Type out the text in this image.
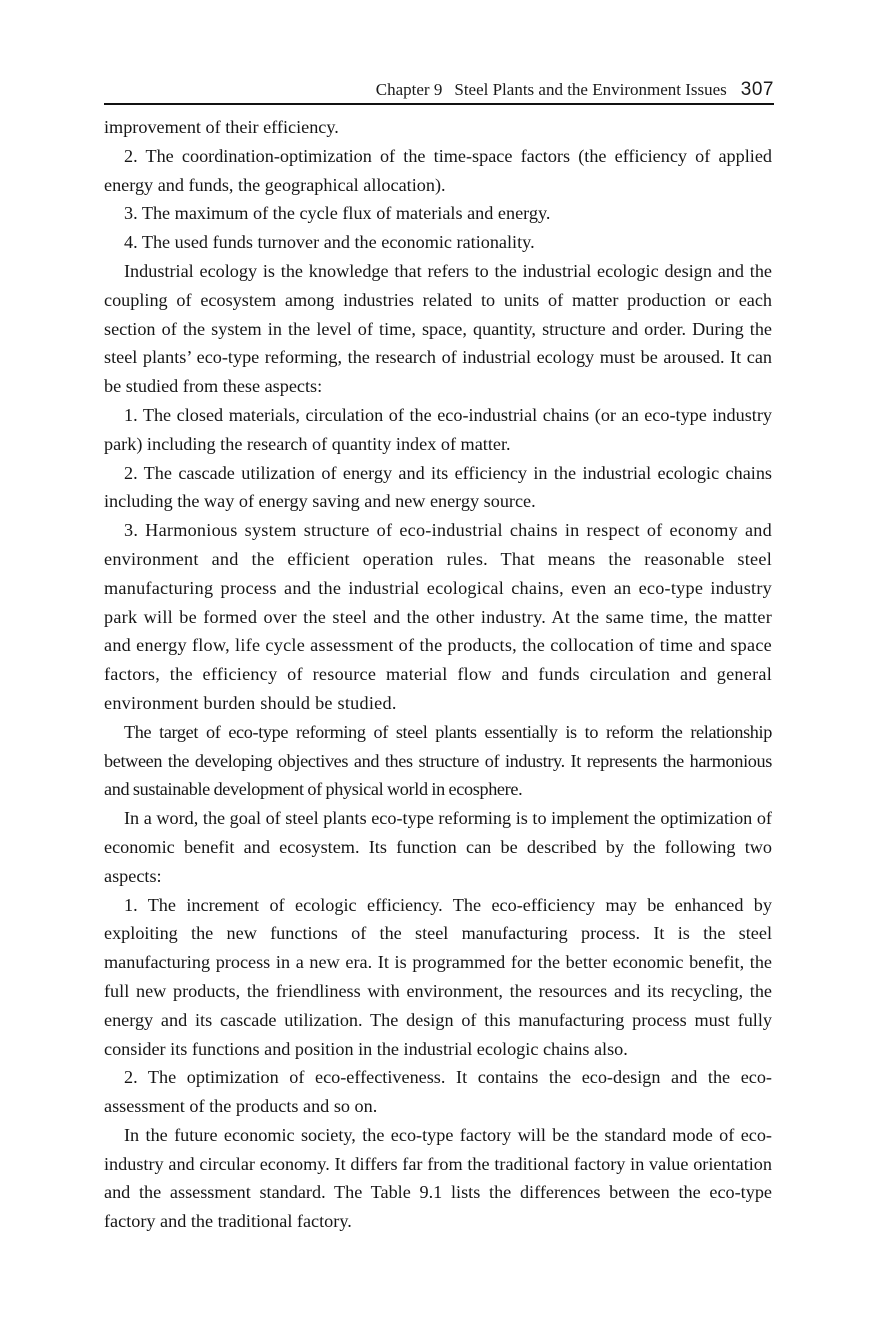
Chapter 9 Steel Plants and the Environment Issues 307

improvement of their efficiency.

2. The coordination-optimization of the time-space factors (the efficiency of applied energy and funds, the geographical allocation).

3. The maximum of the cycle flux of materials and energy.

4. The used funds turnover and the economic rationality.

Industrial ecology is the knowledge that refers to the industrial ecologic design and the coupling of ecosystem among industries related to units of matter production or each section of the system in the level of time, space, quantity, structure and order. During the steel plants’ eco-type reforming, the research of industrial ecology must be aroused. It can be studied from these aspects:

1. The closed materials, circulation of the eco-industrial chains (or an eco-type industry park) including the research of quantity index of matter.

2. The cascade utilization of energy and its efficiency in the industrial ecologic chains including the way of energy saving and new energy source.

3. Harmonious system structure of eco-industrial chains in respect of economy and environment and the efficient operation rules. That means the reasonable steel manufacturing process and the industrial ecological chains, even an eco-type industry park will be formed over the steel and the other industry. At the same time, the matter and energy flow, life cycle assessment of the products, the collocation of time and space factors, the efficiency of resource material flow and funds circulation and general environment burden should be studied.

The target of eco-type reforming of steel plants essentially is to reform the relationship between the developing objectives and thes structure of industry. It represents the harmonious and sustainable development of physical world in ecosphere.

In a word, the goal of steel plants eco-type reforming is to implement the optimization of economic benefit and ecosystem. Its function can be described by the following two aspects:

1. The increment of ecologic efficiency. The eco-efficiency may be enhanced by exploiting the new functions of the steel manufacturing process. It is the steel manufacturing process in a new era. It is programmed for the better economic benefit, the full new products, the friendliness with environment, the resources and its recycling, the energy and its cascade utilization. The design of this manufacturing process must fully consider its functions and position in the industrial ecologic chains also.

2. The optimization of eco-effectiveness. It contains the eco-design and the eco- assessment of the products and so on.

In the future economic society, the eco-type factory will be the standard mode of eco-industry and circular economy. It differs far from the traditional factory in value orientation and the assessment standard. The Table 9.1 lists the differences between the eco-type factory and the traditional factory.
